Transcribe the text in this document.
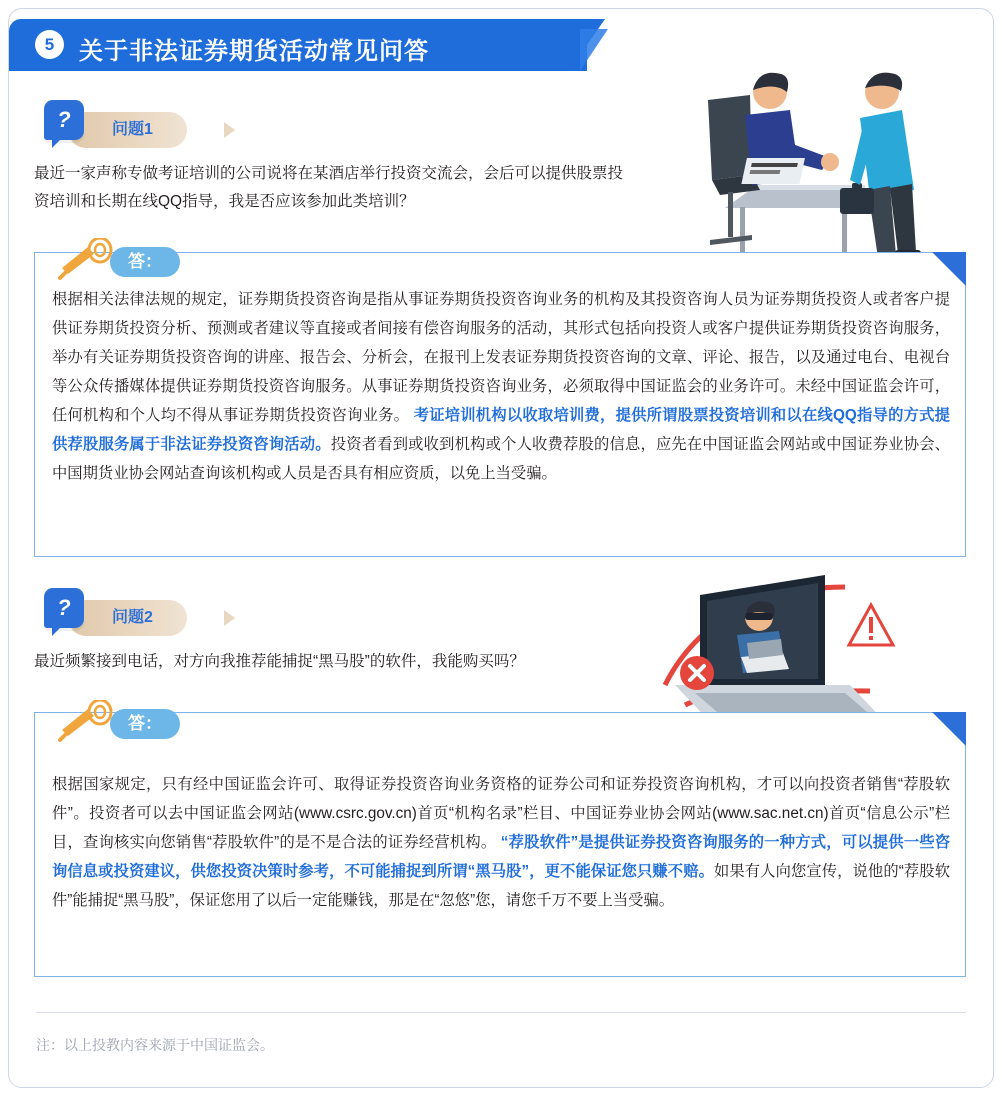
5	关于非法证券期货活动常见问答
问题1
?
最近一家声称专做考证培训的公司说将在某酒店举行投资交流会，会后可以提供股票投资培训和长期在线QQ指导，我是否应该参加此类培训？
答：
根据相关法律法规的规定，证券期货投资咨询是指从事证券期货投资咨询业务的机构及其投资咨询人员为证券期货投资人或者客户提供证券期货投资分析、预测或者建议等直接或者间接有偿咨询服务的活动，其形式包括向投资人或客户提供证券期货投资咨询服务，举办有关证券期货投资咨询的讲座、报告会、分析会，在报刊上发表证券期货投资咨询的文章、评论、报告，以及通过电台、电视台等公众传播媒体提供证券期货投资咨询服务。从事证券期货投资咨询业务，必须取得中国证监会的业务许可。未经中国证监会许可，任何机构和个人均不得从事证券期货投资咨询业务。 考证培训机构以收取培训费，提供所谓股票投资培训和以在线QQ指导的方式提供荐股服务属于非法证券投资咨询活动。投资者看到或收到机构或个人收费荐股的信息，应先在中国证监会网站或中国证券业协会、中国期货业协会网站查询该机构或人员是否具有相应资质，以免上当受骗。
问题2
?
最近频繁接到电话，对方向我推荐能捕捉“黑马股”的软件，我能购买吗？
答：
根据国家规定，只有经中国证监会许可、取得证券投资咨询业务资格的证券公司和证券投资咨询机构，才可以向投资者销售“荐股软件”。投资者可以去中国证监会网站(www.csrc.gov.cn)首页“机构名录”栏目、中国证券业协会网站(www.sac.net.cn)首页“信息公示”栏目，查询核实向您销售“荐股软件”的是不是合法的证券经营机构。 “荐股软件”是提供证券投资咨询服务的一种方式，可以提供一些咨询信息或投资建议，供您投资决策时参考，不可能捕捉到所谓“黑马股”，更不能保证您只赚不赔。如果有人向您宣传，说他的“荐股软件”能捕捉“黑马股”，保证您用了以后一定能赚钱，那是在“忽悠”您，请您千万不要上当受骗。
注：以上投教内容来源于中国证监会。
